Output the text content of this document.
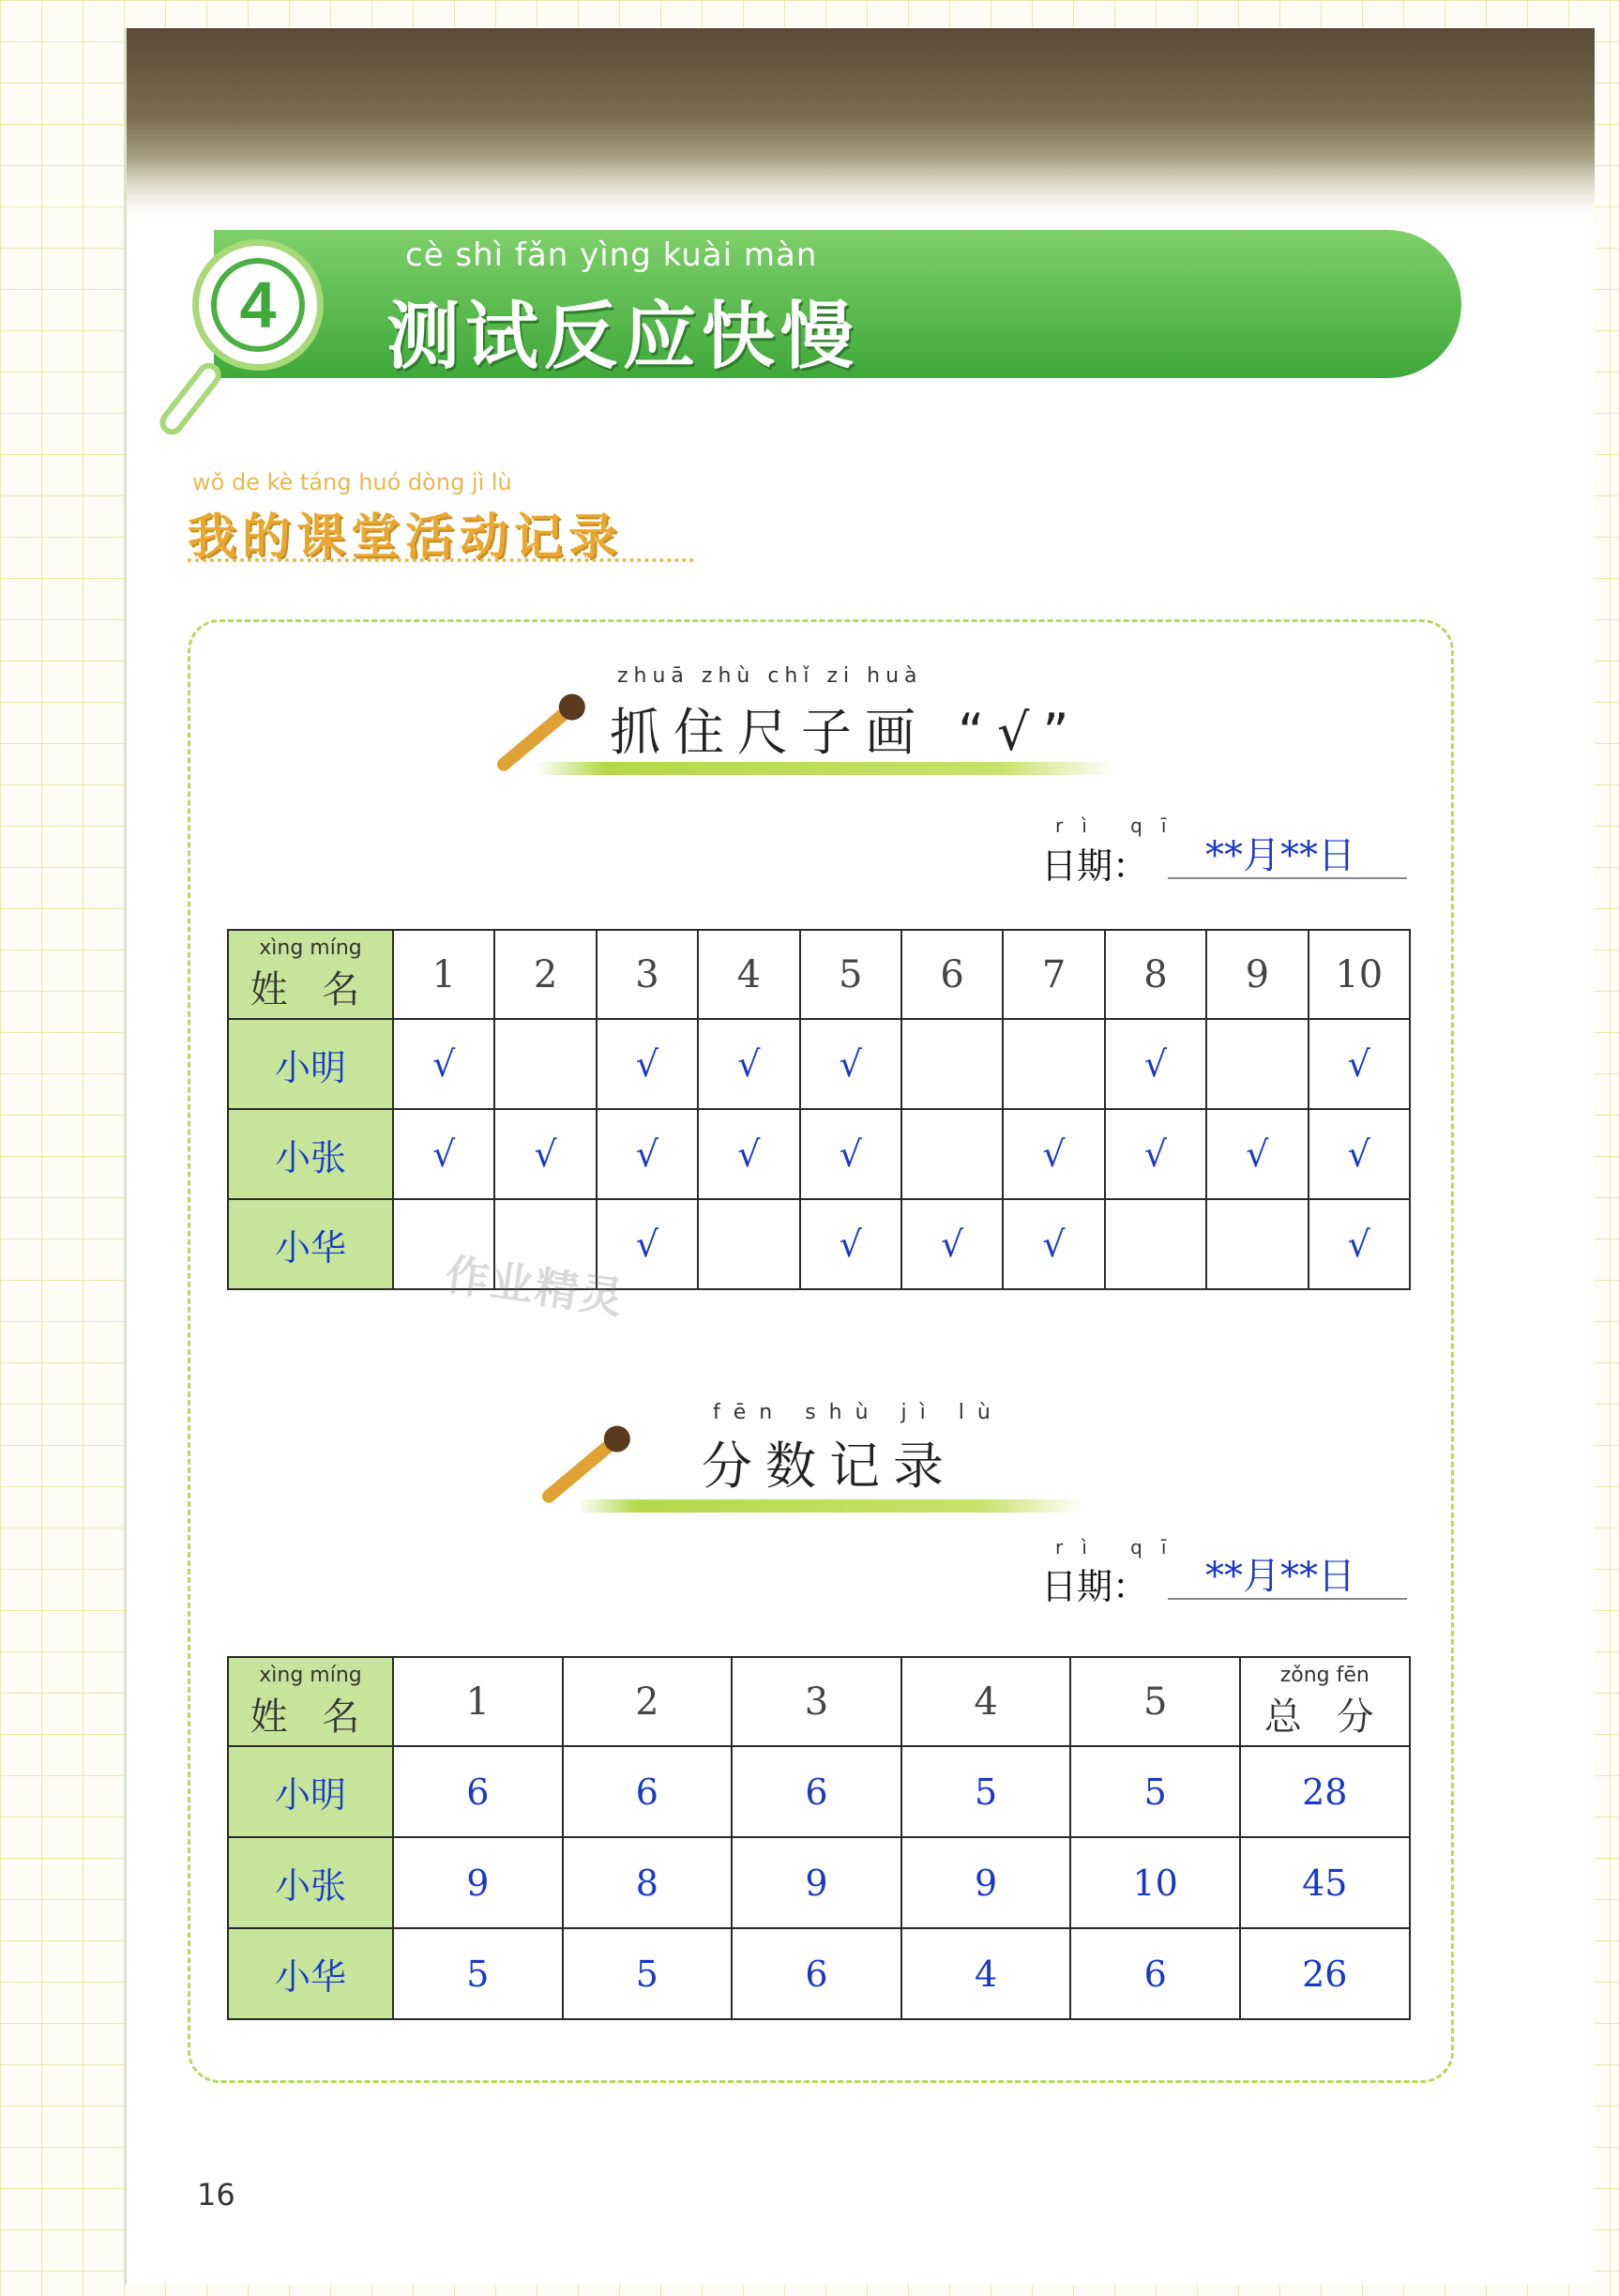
4
cè shì fǎn yìng kuài màn
测试反应快慢
wǒ de kè táng huó dòng jì lù
我的课堂活动记录
zhuā zhù chǐ zi huà
抓住尺子画 “√”
rì qī
日期： **月**日
xìng míng
姓 名	1	2	3	4	5	6	7	8	9	10
小明	√		√	√	√			√		√
小张	√	√	√	√	√		√	√	√	√
小华			√		√	√	√			√
作业精灵
fēn shù jì lù
分数记录
rì qī
日期： **月**日
xìng míng
姓 名	1	2	3	4	5	zǒng fēn
总 分

小明	6	6	6	5	5	28
小张	9	8	9	9	10	45
小华	5	5	6	4	6	26
16
